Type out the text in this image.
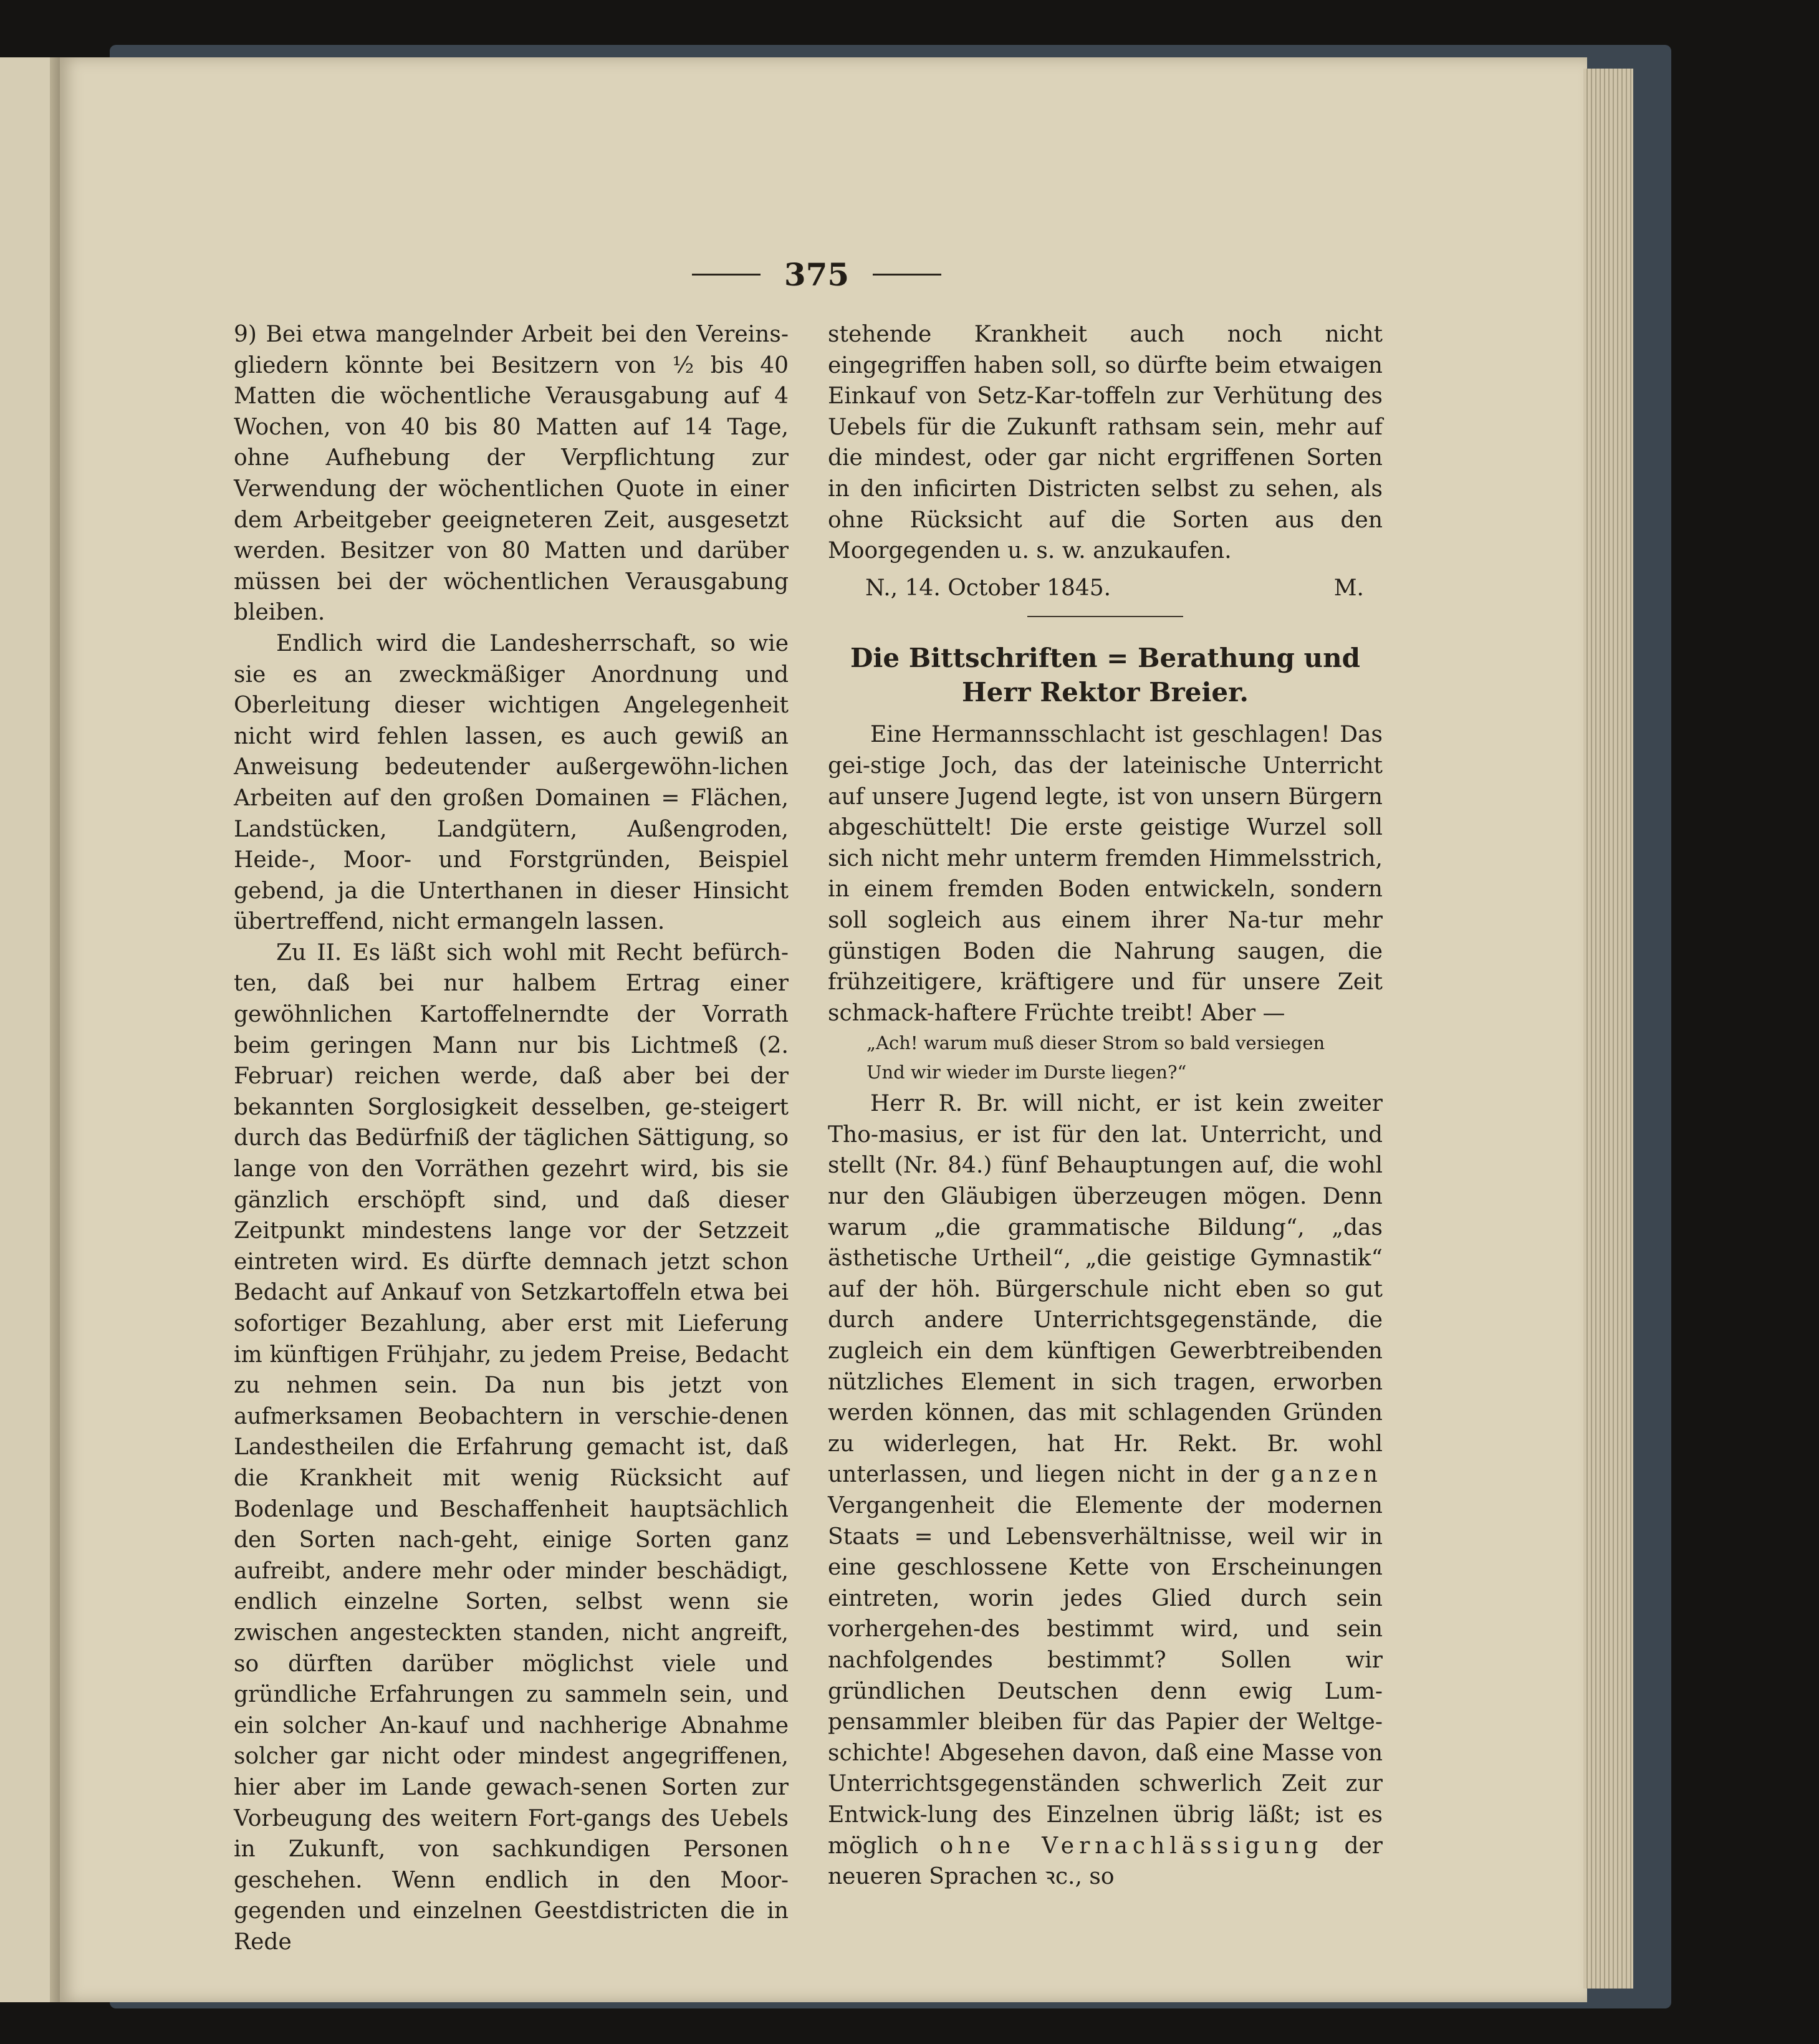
375

9) Bei etwa mangelnder Arbeit bei den Vereins-gliedern könnte bei Besitzern von ½ bis 40 Matten die wöchentliche Verausgabung auf 4 Wochen, von 40 bis 80 Matten auf 14 Tage, ohne Aufhebung der Verpflichtung zur Verwendung der wöchentlichen Quote in einer dem Arbeitgeber geeigneteren Zeit, ausgesetzt werden. Besitzer von 80 Matten und darüber müssen bei der wöchentlichen Verausgabung bleiben.

Endlich wird die Landesherrschaft, so wie sie es an zweckmäßiger Anordnung und Oberleitung dieser wichtigen Angelegenheit nicht wird fehlen lassen, es auch gewiß an Anweisung bedeutender außergewöhn-lichen Arbeiten auf den großen Domainen = Flächen, Landstücken, Landgütern, Außengroden, Heide-, Moor- und Forstgründen, Beispiel gebend, ja die Unterthanen in dieser Hinsicht übertreffend, nicht ermangeln lassen.

Zu II. Es läßt sich wohl mit Recht befürch-ten, daß bei nur halbem Ertrag einer gewöhnlichen Kartoffelnerndte der Vorrath beim geringen Mann nur bis Lichtmeß (2. Februar) reichen werde, daß aber bei der bekannten Sorglosigkeit desselben, ge-steigert durch das Bedürfniß der täglichen Sättigung, so lange von den Vorräthen gezehrt wird, bis sie gänzlich erschöpft sind, und daß dieser Zeitpunkt mindestens lange vor der Setzzeit eintreten wird. Es dürfte demnach jetzt schon Bedacht auf Ankauf von Setzkartoffeln etwa bei sofortiger Bezahlung, aber erst mit Lieferung im künftigen Frühjahr, zu jedem Preise, Bedacht zu nehmen sein. Da nun bis jetzt von aufmerksamen Beobachtern in verschie-denen Landestheilen die Erfahrung gemacht ist, daß die Krankheit mit wenig Rücksicht auf Bodenlage und Beschaffenheit hauptsächlich den Sorten nach-geht, einige Sorten ganz aufreibt, andere mehr oder minder beschädigt, endlich einzelne Sorten, selbst wenn sie zwischen angesteckten standen, nicht angreift, so dürften darüber möglichst viele und gründliche Erfahrungen zu sammeln sein, und ein solcher An-kauf und nachherige Abnahme solcher gar nicht oder mindest angegriffenen, hier aber im Lande gewach-senen Sorten zur Vorbeugung des weitern Fort-gangs des Uebels in Zukunft, von sachkundigen Personen geschehen. Wenn endlich in den Moor-gegenden und einzelnen Geestdistricten die in Rede

stehende Krankheit auch noch nicht eingegriffen haben soll, so dürfte beim etwaigen Einkauf von Setz-Kar-toffeln zur Verhütung des Uebels für die Zukunft rathsam sein, mehr auf die mindest, oder gar nicht ergriffenen Sorten in den inficirten Districten selbst zu sehen, als ohne Rücksicht auf die Sorten aus den Moorgegenden u. s. w. anzukaufen.

N., 14. October 1845.	M.

Die Bittschriften = Berathung und Herr Rektor Breier.

Eine Hermannsschlacht ist geschlagen! Das gei-stige Joch, das der lateinische Unterricht auf unsere Jugend legte, ist von unsern Bürgern abgeschüttelt! Die erste geistige Wurzel soll sich nicht mehr unterm fremden Himmelsstrich, in einem fremden Boden entwickeln, sondern soll sogleich aus einem ihrer Na-tur mehr günstigen Boden die Nahrung saugen, die frühzeitigere, kräftigere und für unsere Zeit schmack-haftere Früchte treibt! Aber —

„Ach! warum muß dieser Strom so bald versiegen

Und wir wieder im Durste liegen?“

Herr R. Br. will nicht, er ist kein zweiter Tho-masius, er ist für den lat. Unterricht, und stellt (Nr. 84.) fünf Behauptungen auf, die wohl nur den Gläubigen überzeugen mögen. Denn warum „die grammatische Bildung“, „das ästhetische Urtheil“, „die geistige Gymnastik“ auf der höh. Bürgerschule nicht eben so gut durch andere Unterrichtsgegenstände, die zugleich ein dem künftigen Gewerbtreibenden nützliches Element in sich tragen, erworben werden können, das mit schlagenden Gründen zu widerlegen, hat Hr. Rekt. Br. wohl unterlassen, und liegen nicht in der ganzen Vergangenheit die Elemente der modernen Staats = und Lebensverhältnisse, weil wir in eine geschlossene Kette von Erscheinungen eintreten, worin jedes Glied durch sein vorhergehen-des bestimmt wird, und sein nachfolgendes bestimmt? Sollen wir gründlichen Deutschen denn ewig Lum-pensammler bleiben für das Papier der Weltge-schichte! Abgesehen davon, daß eine Masse von Unterrichtsgegenständen schwerlich Zeit zur Entwick-lung des Einzelnen übrig läßt; ist es möglich ohne Vernachlässigung der neueren Sprachen ꝛc., so
